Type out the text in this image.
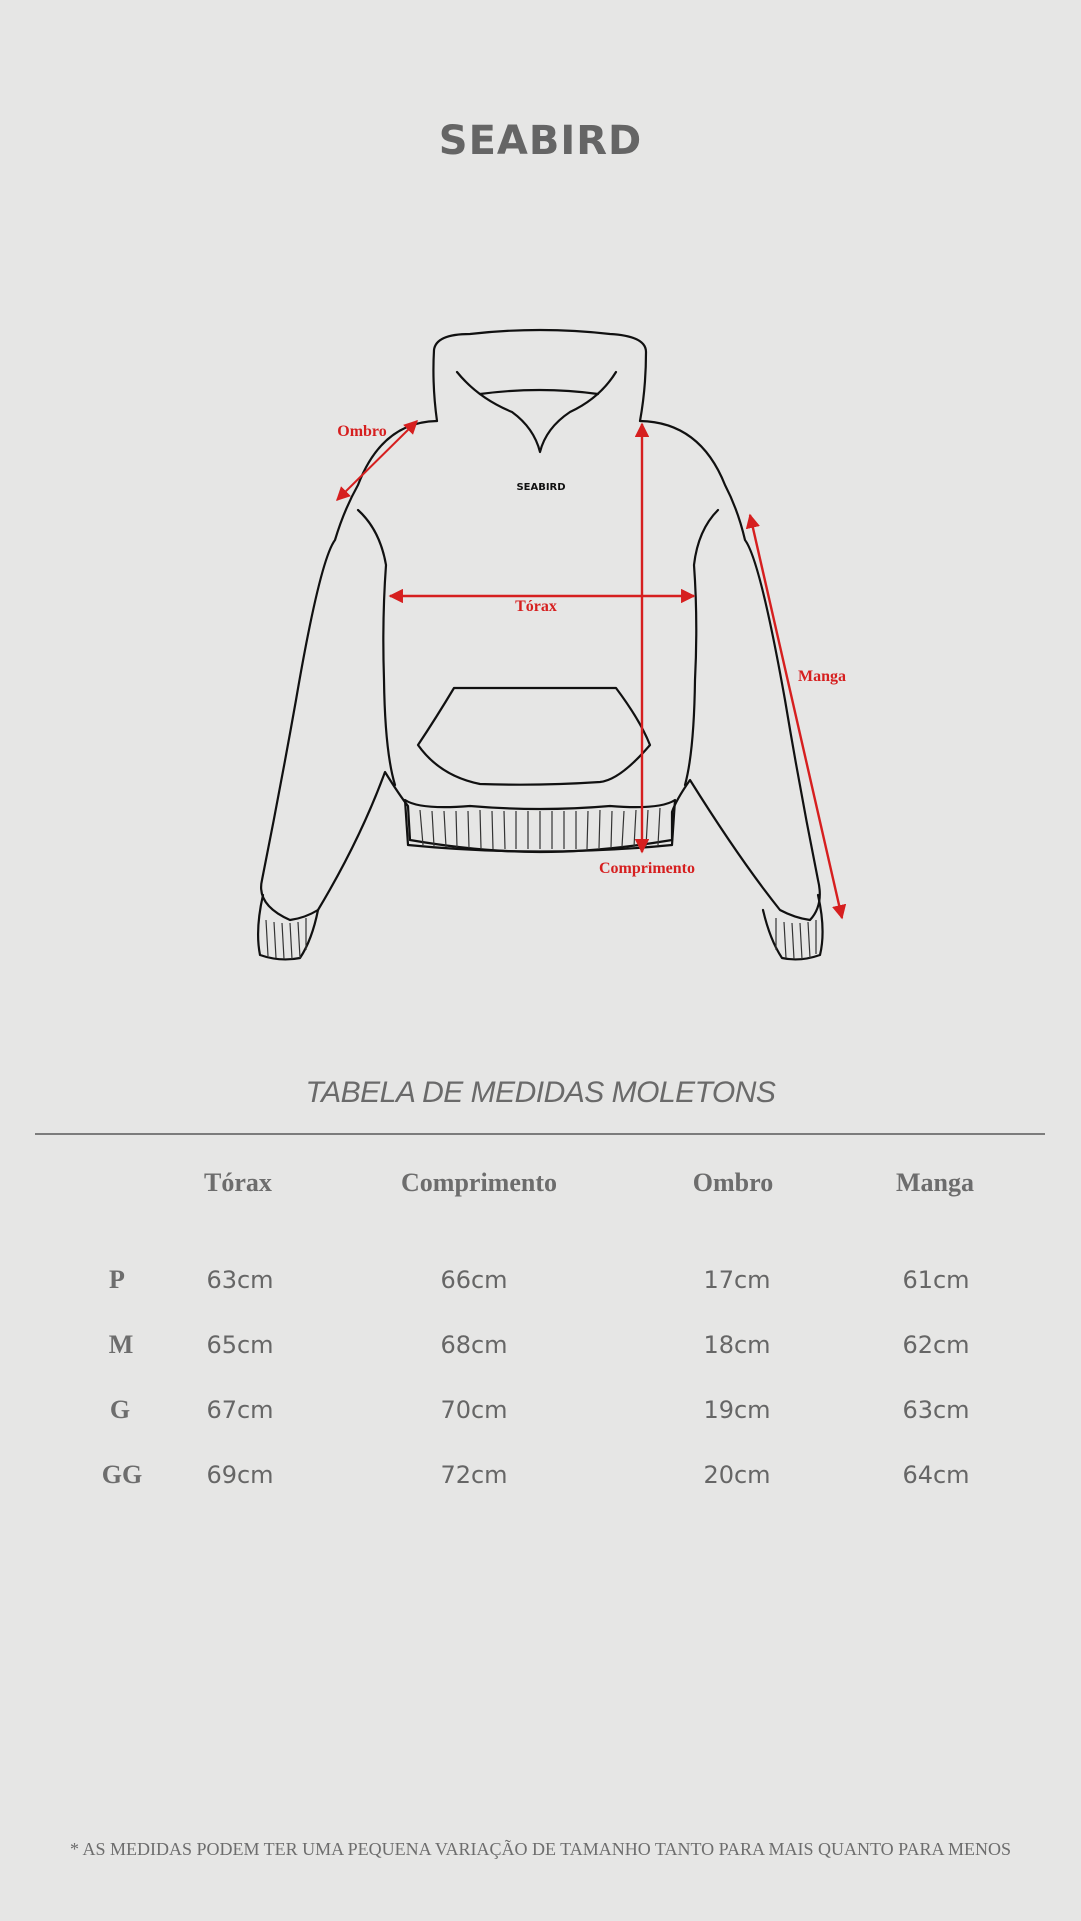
SEABIRD
SEABIRD
Ombro
Tórax
Manga
Comprimento
TABELA DE MEDIDAS MOLETONS
Tórax	Comprimento	Ombro	Manga
P	63cm	66cm	17cm	61cm
M	65cm	68cm	18cm	62cm
G	67cm	70cm	19cm	63cm
GG	69cm	72cm	20cm	64cm
* AS MEDIDAS PODEM TER UMA PEQUENA VARIAÇÃO DE TAMANHO TANTO PARA MAIS QUANTO PARA MENOS
